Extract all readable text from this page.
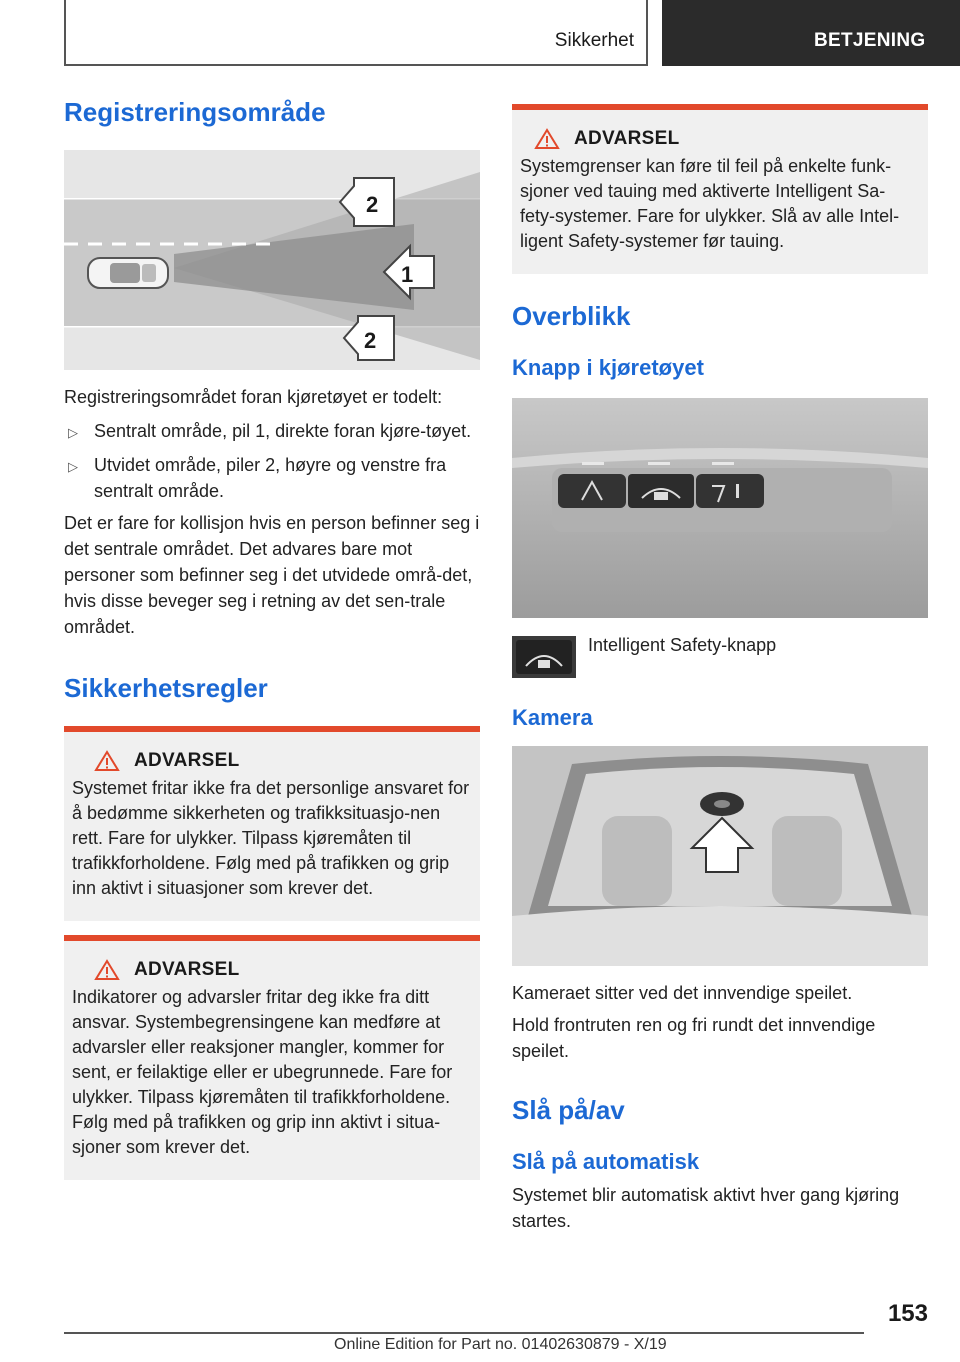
Sikkerhet	BETJENING
Registreringsområde
2
1
2

Registreringsområdet foran kjøretøyet er todelt:

▷ Sentralt område, pil 1, direkte foran kjøre-tøyet.
▷ Utvidet område, piler 2, høyre og venstre fra sentralt område.

Det er fare for kollisjon hvis en person befinner seg i det sentrale området. Det advares bare mot personer som befinner seg i det utvidede områ-det, hvis disse beveger seg i retning av det sen-trale området.

Sikkerhetsregler
ADVARSEL

Systemet fritar ikke fra det personlige ansvaret for å bedømme sikkerheten og trafikksituasjo-nen rett. Fare for ulykker. Tilpass kjøremåten til trafikkforholdene. Følg med på trafikken og grip inn aktivt i situasjoner som krever det.

ADVARSEL

Indikatorer og advarsler fritar deg ikke fra ditt ansvar. Systembegrensingene kan medføre at advarsler eller reaksjoner mangler, kommer for sent, er feilaktige eller er ubegrunnede. Fare for ulykker. Tilpass kjøremåten til trafikkforholdene. Følg med på trafikken og grip inn aktivt i situa-sjoner som krever det.

ADVARSEL

Systemgrenser kan føre til feil på enkelte funk-sjoner ved tauing med aktiverte Intelligent Sa-fety-systemer. Fare for ulykker. Slå av alle Intel-ligent Safety-systemer før tauing.

Overblikk
Knapp i kjøretøyet

Intelligent Safety-knapp

Kamera

Kameraet sitter ved det innvendige speilet.

Hold frontruten ren og fri rundt det innvendige speilet.

Slå på/av
Slå på automatisk

Systemet blir automatisk aktivt hver gang kjøring startes.

153
Online Edition for Part no. 01402630879 - X/19
